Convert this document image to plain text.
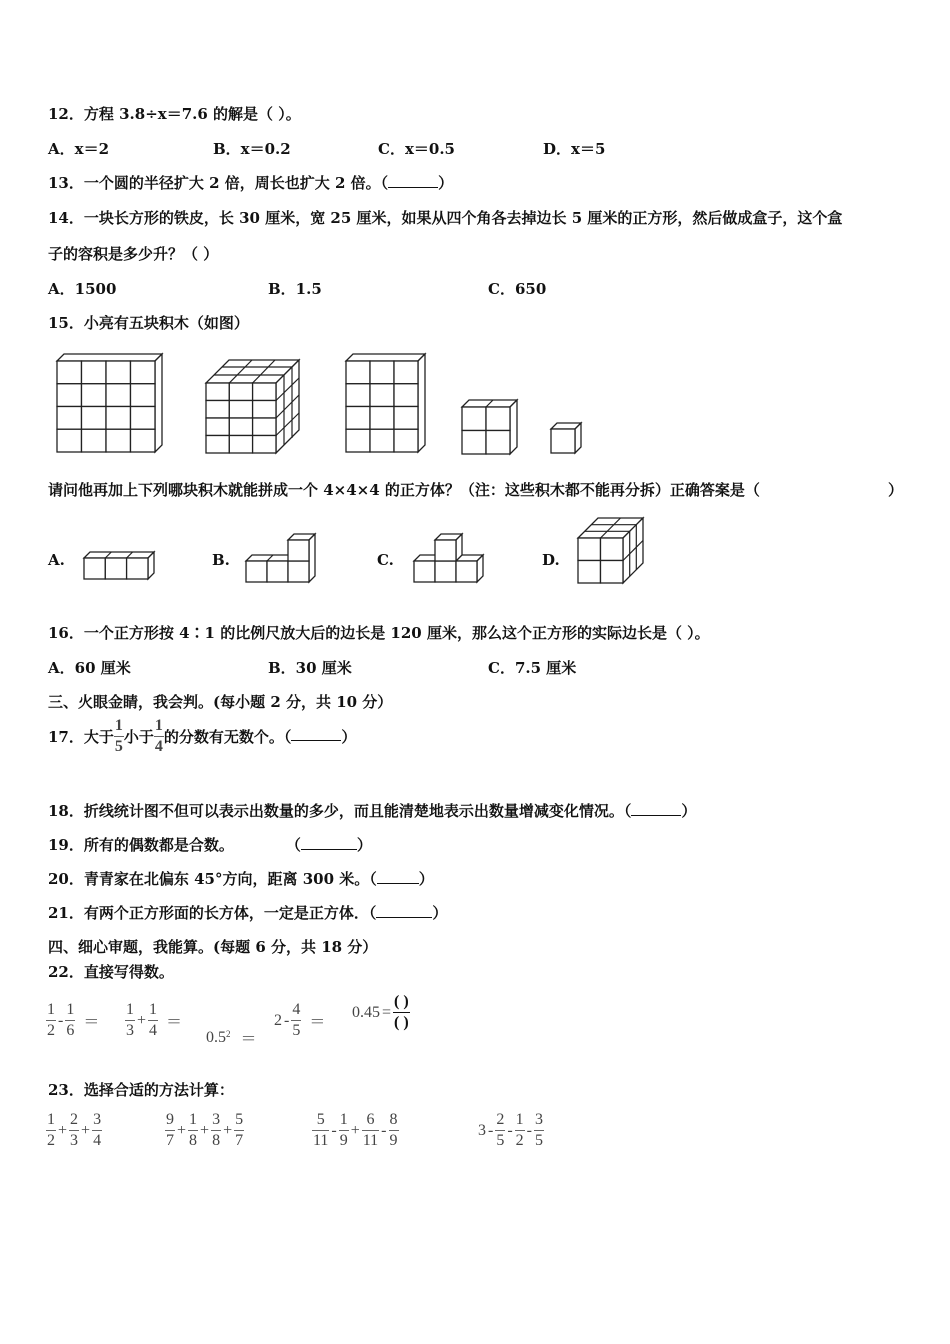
12．方程 3.8÷x＝7.6 的解是（ ）。
A．x＝2	B．x＝0.2	C．x＝0.5	D．x＝5
13．一个圆的半径扩大 2 倍，周长也扩大 2 倍。（	）
14．一块长方形的铁皮，长 30 厘米，宽 25 厘米，如果从四个角各去掉边长 5 厘米的正方形，然后做成盒子，这个盒
子的容积是多少升？（ ）
A．1500	B．1.5	C．650
15．小亮有五块积木（如图）
请问他再加上下列哪块积木就能拼成一个 4×4×4 的正方体？（注：这些积木都不能再分拆）正确答案是（	）
A.	B.	C.	D.
16．一个正方形按 4∶1 的比例尺放大后的边长是 120 厘米，那么这个正方形的实际边长是（ ）。
A．60 厘米	B．30 厘米	C．7.5 厘米
三、火眼金睛，我会判。(每小题 2 分，共 10 分）
17．大于 $\frac{1}{5}$ 小于 $\frac{1}{4}$ 的分数有无数个。（	）
18．折线统计图不但可以表示出数量的多少，而且能清楚地表示出数量增减变化情况。（	）
19．所有的偶数都是合数。	（	）
20．青青家在北偏东 45°方向，距离 300 米。（	）
21．有两个正方形面的长方体，一定是正方体．（	）
四、细心审题，我能算。(每题 6 分，共 18 分）
22．直接写得数。
$\frac{1}{2} - \frac{1}{6} = \frac{1}{3} + \frac{1}{4}$ ＝
$0.5^2$ ＝
$2 - \frac{4}{5}$ ＝
$0.45 = \frac{( )}{( )}$
23．选择合适的方法计算：
$\frac{1}{2} + \frac{2}{3} + \frac{3}{4}$	$\frac{9}{7} + \frac{1}{8} + \frac{3}{8} + \frac{5}{7}$	$\frac{5}{11} - \frac{1}{9} + \frac{6}{11} - \frac{8}{9}$	$3 - \frac{2}{5} - \frac{1}{2} - \frac{3}{5}$
